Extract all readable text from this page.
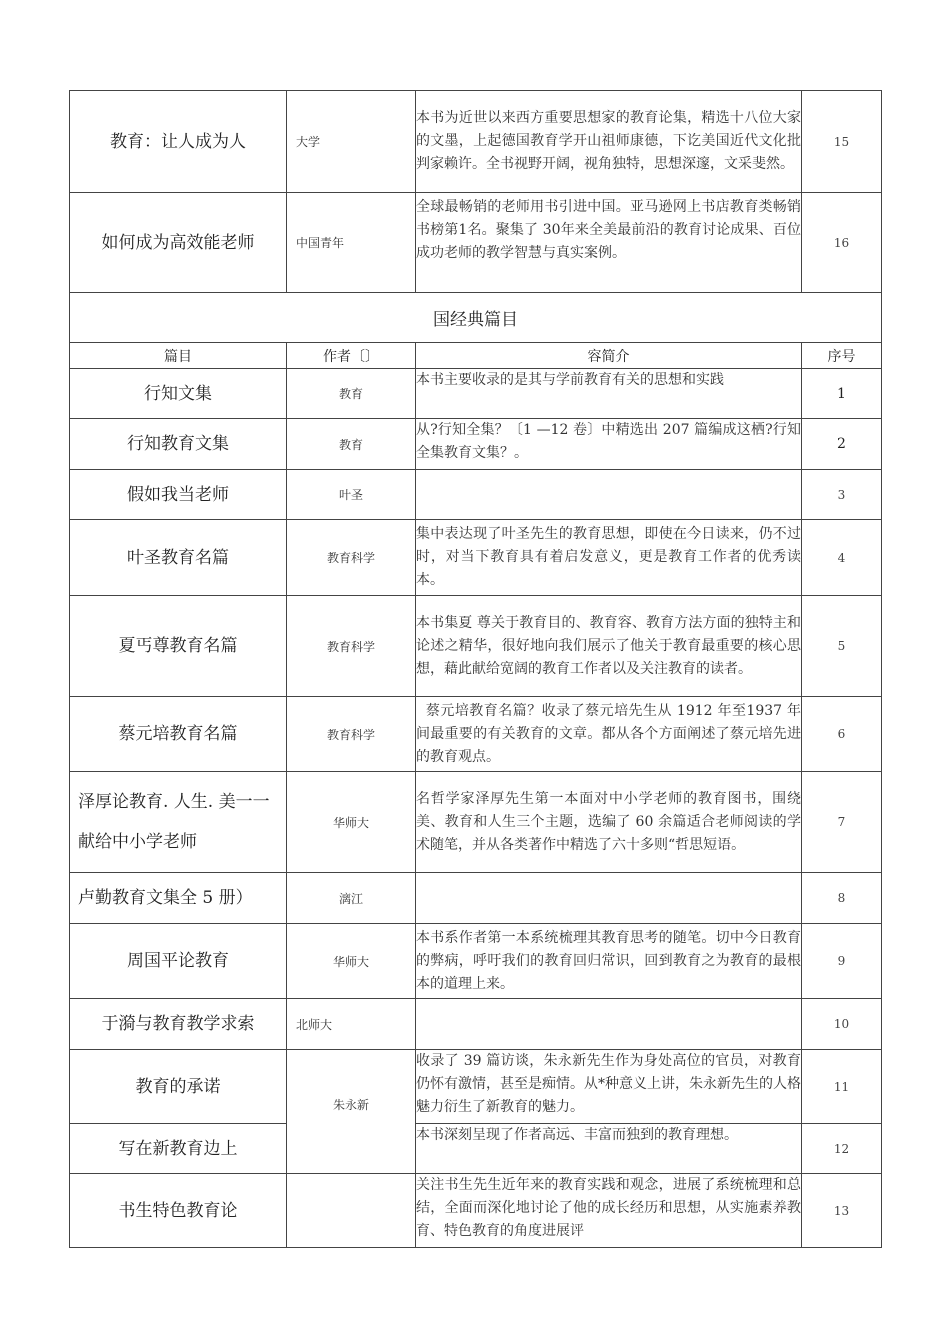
教育：让人成为人	大学	本书为近世以来西方重要思想家的教育论集，精选十八位大家的文墨，上起德国教育学开山祖师康德，下讫美国近代文化批判家赖许。全书视野开阔，视角独特，思想深邃，文采斐然。	15
如何成为高效能老师	中国青年	全球最畅销的老师用书引进中国。亚马逊网上书店教育类畅销书榜第1名。聚集了 30年来全美最前沿的教育讨论成果、百位成功老师的教学智慧与真实案例。	16
国经典篇目			
篇目	作者〔〕	容简介	序号
行知文集	教育	本书主要收录的是其与学前教育有关的思想和实践	1
行知教育文集	教育	从?行知全集？〔1 —12 卷〕中精选出 207 篇编成这栖?行知全集教育文集？。	2
假如我当老师	叶圣		3
叶圣教育名篇	教育科学	集中表达现了叶圣先生的教育思想，即使在今日读来，仍不过时，对当下教育具有着启发意义，更是教育工作者的优秀读本。	4
夏丐尊教育名篇	教育科学	本书集夏 尊关于教育目的、教育容、教育方法方面的独特主和论述之精华，很好地向我们展示了他关于教育最重要的核心思想，藉此献给宽阔的教育工作者以及关注教育的读者。	5
蔡元培教育名篇	教育科学	蔡元培教育名篇？收录了蔡元培先生从 1912 年至1937 年间最重要的有关教育的文章。都从各个方面阐述了蔡元培先进的教育观点。	6
泽厚论教育. 人生. 美一一献给中小学老师	华师大	名哲学家泽厚先生第一本面对中小学老师的教育图书，围绕美、教育和人生三个主题，选编了 60 余篇适合老师阅读的学术随笔，并从各类著作中精选了六十多则“哲思短语。	7
卢勤教育文集全 5 册）	漓江		8
周国平论教育	华师大	本书系作者第一本系统梳理其教育思考的随笔。切中今日教育的弊病，呼吁我们的教育回归常识，回到教育之为教育的最根本的道理上来。	9
于漪与教育教学求索	北师大		10
教育的承诺	朱永新	收录了 39 篇访谈，朱永新先生作为身处高位的官员，对教育仍怀有激情，甚至是痴情。从*种意义上讲，朱永新先生的人格魅力衍生了新教育的魅力。	11
写在新教育边上		本书深刻呈现了作者高远、丰富而独到的教育理想。	12
书生特色教育论		关注书生先生近年来的教育实践和观念，进展了系统梳理和总结，全面而深化地讨论了他的成长经历和思想，从实施素养教育、特色教育的角度进展评	13
